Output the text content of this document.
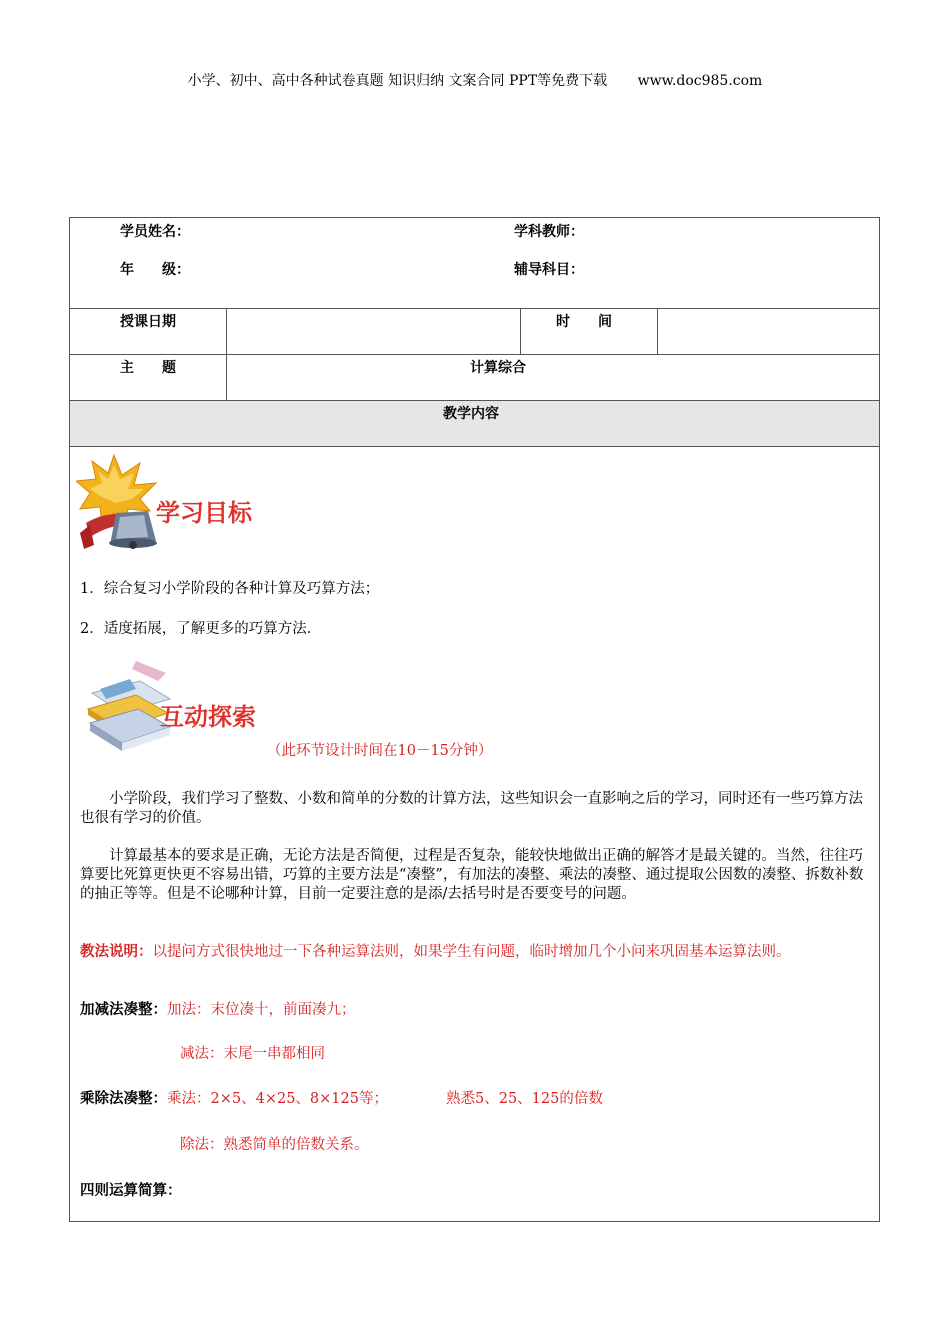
小学、初中、高中各种试卷真题 知识归纳 文案合同 PPT等免费下载 www.doc985.com
学员姓名：	学科教师：
年　　级：	辅导科目：
授课日期	时　　间
主　　题	计算综合
教学内容
学习目标
1．综合复习小学阶段的各种计算及巧算方法；
2．适度拓展，了解更多的巧算方法．
互动探索
（此环节设计时间在10－15分钟）
小学阶段，我们学习了整数、小数和简单的分数的计算方法，这些知识会一直影响之后的学习，同时还有一些巧算方法也很有学习的价值。
计算最基本的要求是正确，无论方法是否简便，过程是否复杂，能较快地做出正确的解答才是最关键的。当然，往往巧算要比死算更快更不容易出错，巧算的主要方法是“凑整”，有加法的凑整、乘法的凑整、通过提取公因数的凑整、拆数补数的抽正等等。但是不论哪种计算，目前一定要注意的是添/去括号时是否要变号的问题。
教法说明：以提问方式很快地过一下各种运算法则，如果学生有问题，临时增加几个小问来巩固基本运算法则。
加减法凑整：加法：末位凑十，前面凑九；
减法：末尾一串都相同
乘除法凑整：乘法：2×5、4×25、8×125等；	熟悉5、25、125的倍数
除法：熟悉简单的倍数关系。
四则运算简算：
